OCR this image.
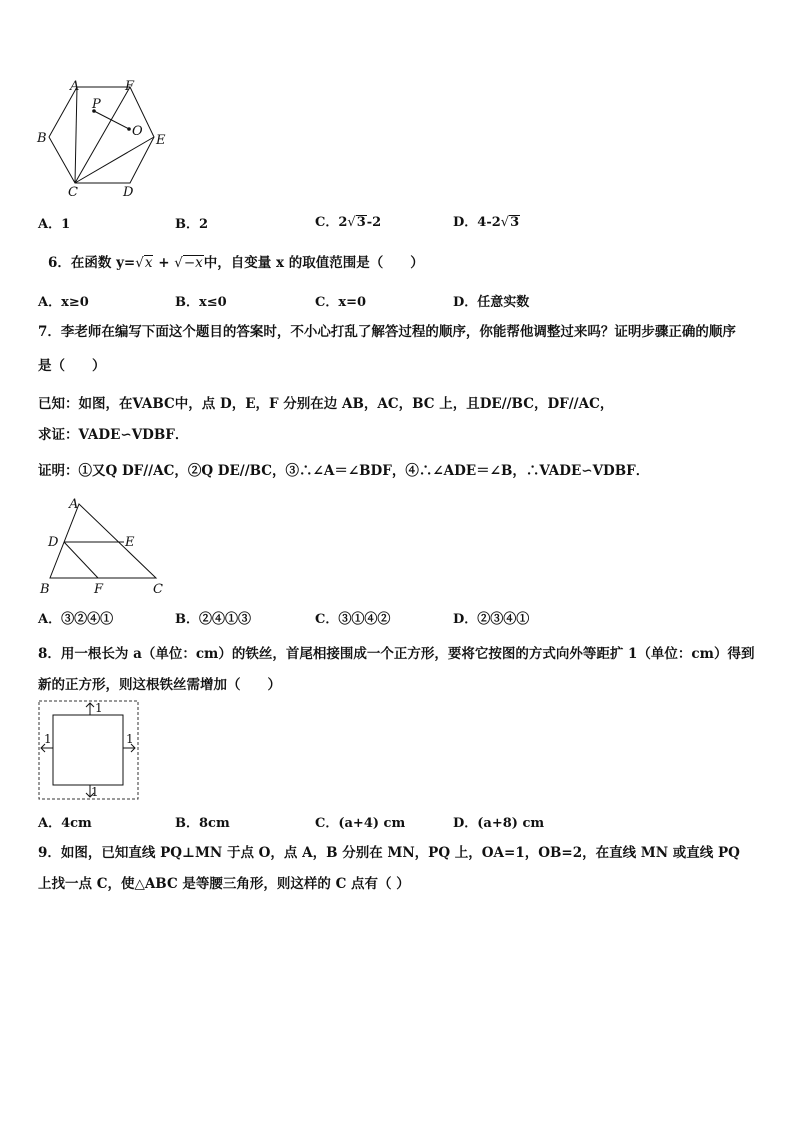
A	F
P
O
B	E
C	D
A．1	B．2	C．2√3-2	D．4-2√3
6．在函数 y=√x + √−x中，自变量 x 的取值范围是（　　）
A．x≥0	B．x≤0	C．x=0	D．任意实数
7．李老师在编写下面这个题目的答案时，不小心打乱了解答过程的顺序，你能帮他调整过来吗？证明步骤正确的顺序
是（　　）
已知：如图，在VABC中，点 D，E，F 分别在边 AB，AC，BC 上，且DE//BC，DF//AC，
求证：VADE∽VDBF．
证明：①又Q DF//AC，②Q DE//BC，③∴∠A＝∠BDF，④∴∠ADE＝∠B，∴VADE∽VDBF．
A
D	E
B	F	C
A．③②④①	B．②④①③	C．③①④②	D．②③④①
8．用一根长为 a（单位：cm）的铁丝，首尾相接围成一个正方形，要将它按图的方式向外等距扩 1（单位：cm）得到
新的正方形，则这根铁丝需增加（　　）
1
1	1
1
A．4cm	B．8cm	C．(a+4) cm	D．(a+8) cm
9．如图，已知直线 PQ⊥MN 于点 O，点 A，B 分别在 MN，PQ 上，OA=1，OB=2，在直线 MN 或直线 PQ
上找一点 C，使△ABC 是等腰三角形，则这样的 C 点有（ ）
